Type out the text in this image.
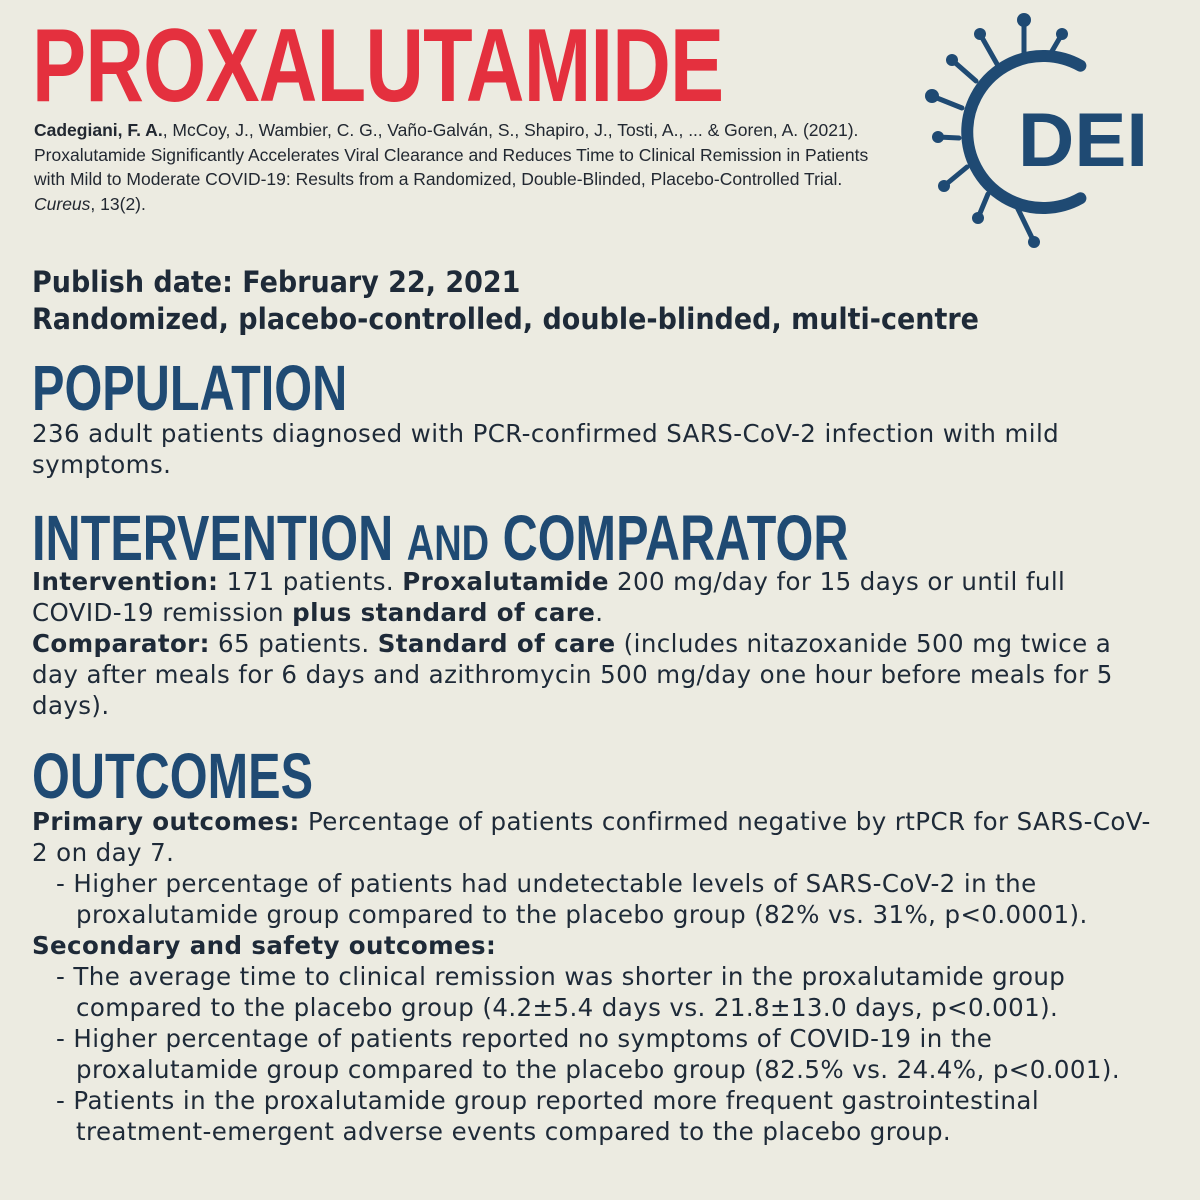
PROXALUTAMIDE
Cadegiani, F. A., McCoy, J., Wambier, C. G., Vaño-Galván, S., Shapiro, J., Tosti, A., ... & Goren, A. (2021). Proxalutamide Significantly Accelerates Viral Clearance and Reduces Time to Clinical Remission in Patients with Mild to Moderate COVID-19: Results from a Randomized, Double-Blinded, Placebo-Controlled Trial. Cureus, 13(2).
DEI
Publish date: February 22, 2021
Randomized, placebo-controlled, double-blinded, multi-centre
POPULATION
236 adult patients diagnosed with PCR-confirmed SARS-CoV-2 infection with mild symptoms.
INTERVENTION AND COMPARATOR

Intervention: 171 patients. Proxalutamide 200 mg/day for 15 days or until full COVID-19 remission plus standard of care.

Comparator: 65 patients. Standard of care (includes nitazoxanide 500 mg twice a day after meals for 6 days and azithromycin 500 mg/day one hour before meals for 5 days).

OUTCOMES

Primary outcomes: Percentage of patients confirmed negative by rtPCR for SARS-CoV-2 on day 7.

- Higher percentage of patients had undetectable levels of SARS-CoV-2 in the proxalutamide group compared to the placebo group (82% vs. 31%, p<0.0001).

Secondary and safety outcomes:

- The average time to clinical remission was shorter in the proxalutamide group compared to the placebo group (4.2±5.4 days vs. 21.8±13.0 days, p<0.001).

- Higher percentage of patients reported no symptoms of COVID-19 in the proxalutamide group compared to the placebo group (82.5% vs. 24.4%, p<0.001).

- Patients in the proxalutamide group reported more frequent gastrointestinal treatment-emergent adverse events compared to the placebo group.
